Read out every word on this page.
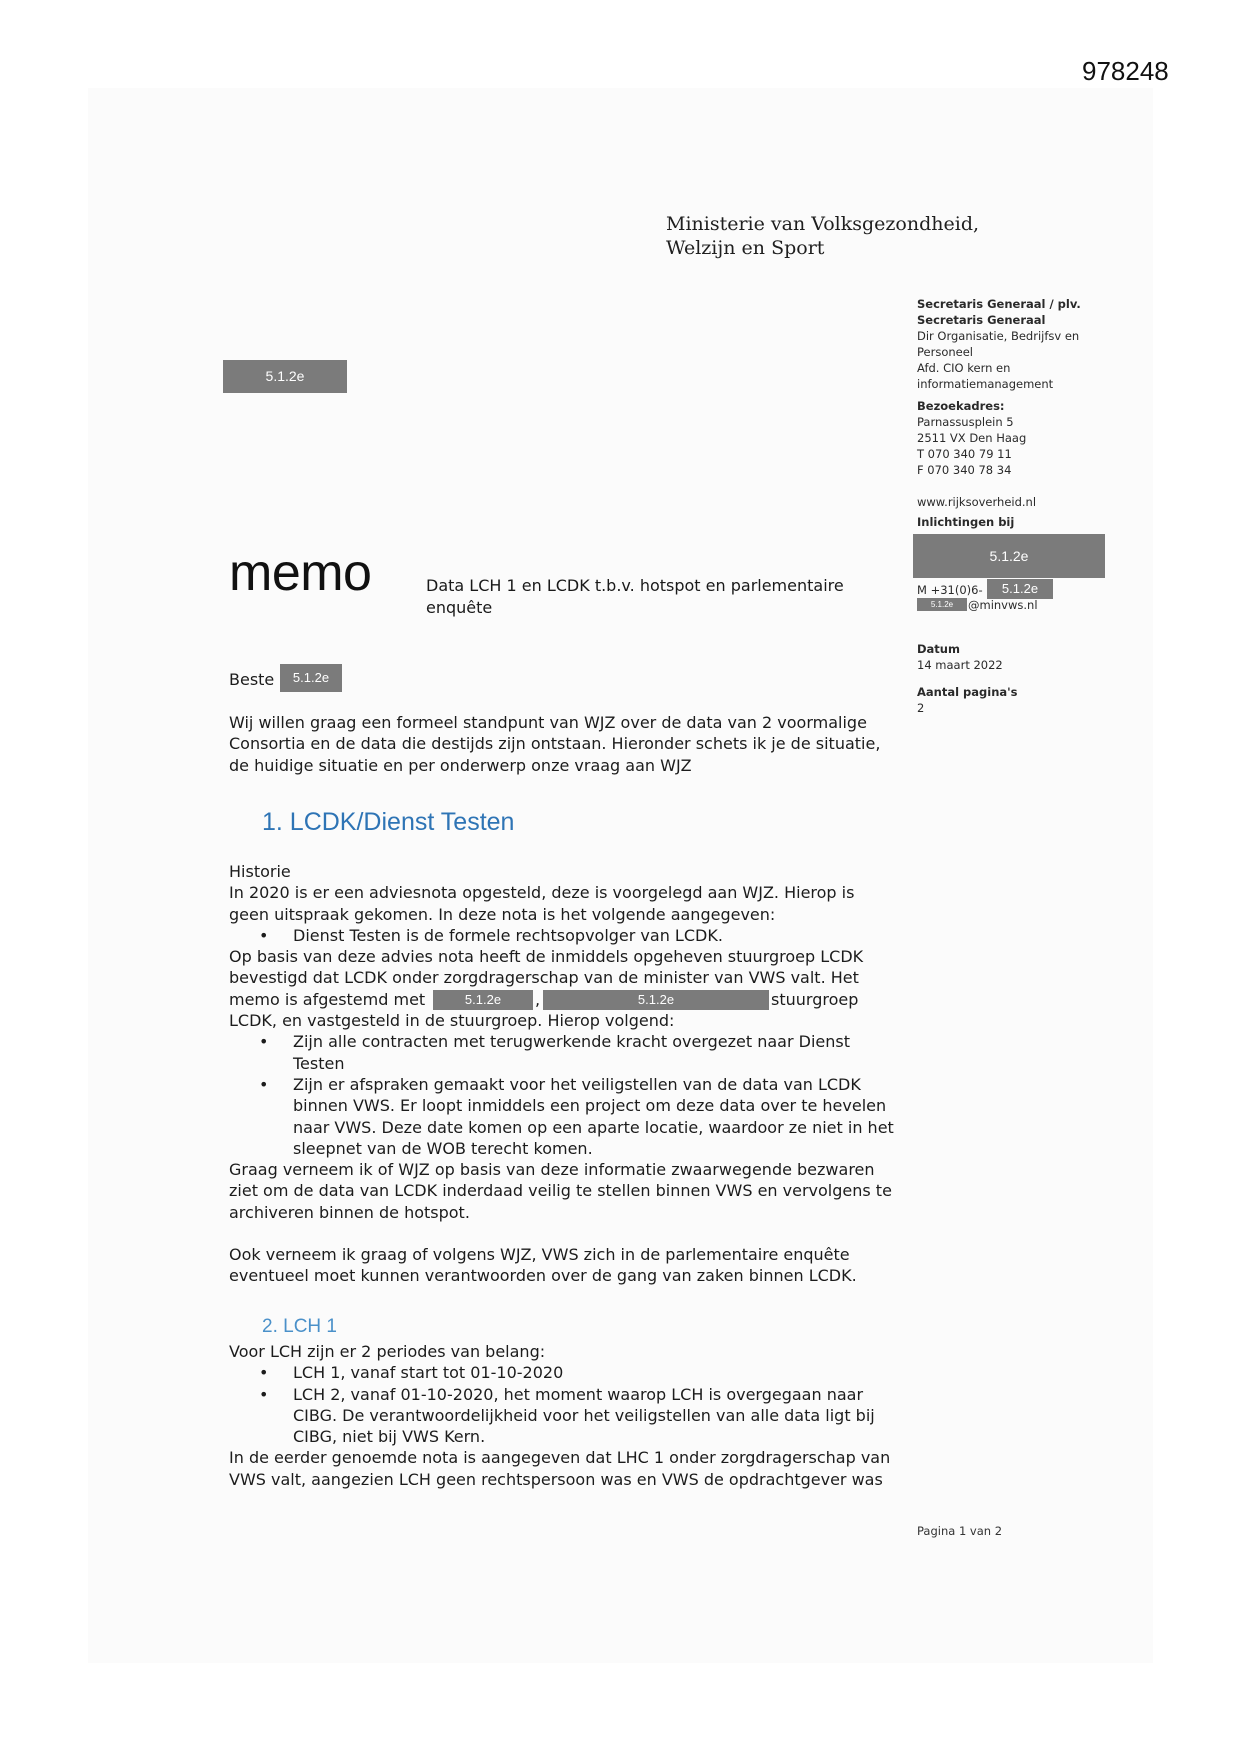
978248
Ministerie van Volksgezondheid,
Welzijn en Sport
5.1.2e
Secretaris Generaal / plv.
Secretaris Generaal
Dir Organisatie, Bedrijfsv en
Personeel
Afd. CIO kern en
informatiemanagement
Bezoekadres:
Parnassusplein 5
2511 VX Den Haag
T 070 340 79 11
F 070 340 78 34
www.rijksoverheid.nl
Inlichtingen bij
5.1.2e
M +31(0)6-	5.1.2e
5.1.2e	@minvws.nl
Datum
14 maart 2022
Aantal pagina's
2
memo	Data LCH 1 en LCDK t.b.v. hotspot en parlementaire
enquête
Beste	5.1.2e

Wij willen graag een formeel standpunt van WJZ over de data van 2 voormalige

Consortia en de data die destijds zijn ontstaan. Hieronder schets ik je de situatie,

de huidige situatie en per onderwerp onze vraag aan WJZ

1. LCDK/Dienst Testen

Historie

In 2020 is er een adviesnota opgesteld, deze is voorgelegd aan WJZ. Hierop is

geen uitspraak gekomen. In deze nota is het volgende aangegeven:

• Dienst Testen is de formele rechtsopvolger van LCDK.

Op basis van deze advies nota heeft de inmiddels opgeheven stuurgroep LCDK

bevestigd dat LCDK onder zorgdragerschap van de minister van VWS valt. Het

memo is afgestemd met	5.1.2e	,	5.1.2e	stuurgroep

LCDK, en vastgesteld in de stuurgroep. Hierop volgend:

• Zijn alle contracten met terugwerkende kracht overgezet naar Dienst

Testen

• Zijn er afspraken gemaakt voor het veiligstellen van de data van LCDK

binnen VWS. Er loopt inmiddels een project om deze data over te hevelen

naar VWS. Deze date komen op een aparte locatie, waardoor ze niet in het

sleepnet van de WOB terecht komen.

Graag verneem ik of WJZ op basis van deze informatie zwaarwegende bezwaren

ziet om de data van LCDK inderdaad veilig te stellen binnen VWS en vervolgens te

archiveren binnen de hotspot.

Ook verneem ik graag of volgens WJZ, VWS zich in de parlementaire enquête

eventueel moet kunnen verantwoorden over de gang van zaken binnen LCDK.

2. LCH 1

Voor LCH zijn er 2 periodes van belang:

• LCH 1, vanaf start tot 01-10-2020

• LCH 2, vanaf 01-10-2020, het moment waarop LCH is overgegaan naar

CIBG. De verantwoordelijkheid voor het veiligstellen van alle data ligt bij

CIBG, niet bij VWS Kern.

In de eerder genoemde nota is aangegeven dat LHC 1 onder zorgdragerschap van

VWS valt, aangezien LCH geen rechtspersoon was en VWS de opdrachtgever was

Pagina 1 van 2
